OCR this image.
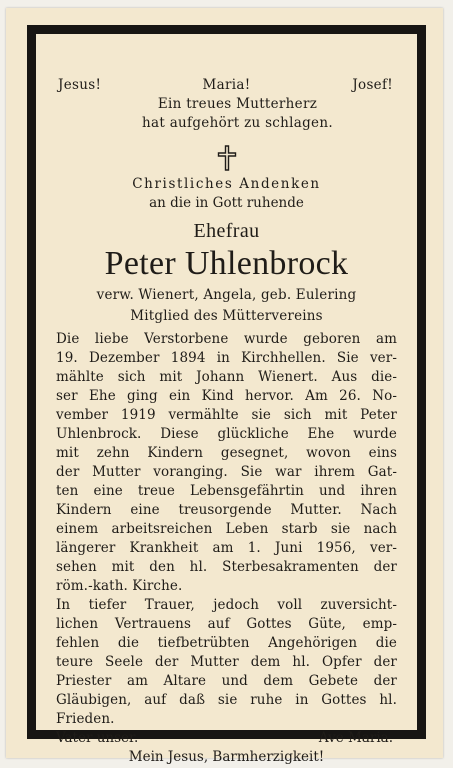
Jesus!	Maria!	Josef!
Ein treues Mutterherz
hat aufgehört zu schlagen.
Christliches Andenken
an die in Gott ruhende
Ehefrau
Peter Uhlenbrock
verw. Wienert, Angela, geb. Eulering
Mitglied des Müttervereins
Die liebe Verstorbene wurde geboren am
19. Dezember 1894 in Kirchhellen. Sie ver-
mählte sich mit Johann Wienert. Aus die-
ser Ehe ging ein Kind hervor. Am 26. No-
vember 1919 vermählte sie sich mit Peter
Uhlenbrock. Diese glückliche Ehe wurde
mit zehn Kindern gesegnet, wovon eins
der Mutter voranging. Sie war ihrem Gat-
ten eine treue Lebensgefährtin und ihren
Kindern eine treusorgende Mutter. Nach
einem arbeitsreichen Leben starb sie nach
längerer Krankheit am 1. Juni 1956, ver-
sehen mit den hl. Sterbesakramenten der
röm.-kath. Kirche.
In tiefer Trauer, jedoch voll zuversicht-
lichen Vertrauens auf Gottes Güte, emp-
fehlen die tiefbetrübten Angehörigen die
teure Seele der Mutter dem hl. Opfer der
Priester am Altare und dem Gebete der
Gläubigen, auf daß sie ruhe in Gottes hl.
Frieden.
Vater unser.	Ave Maria.
Mein Jesus, Barmherzigkeit!
